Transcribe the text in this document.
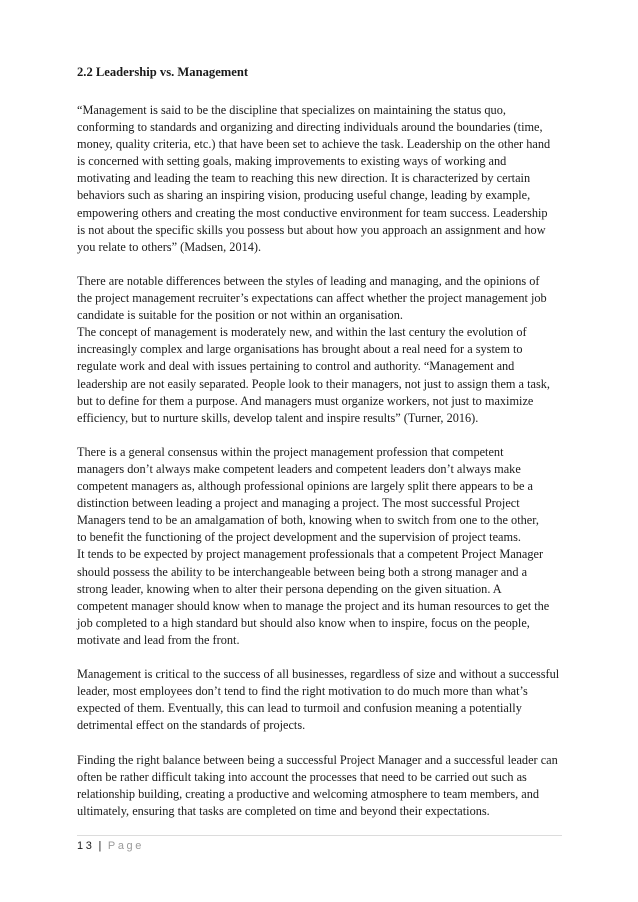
2.2 Leadership vs. Management

“Management is said to be the discipline that specializes on maintaining the status quo,
conforming to standards and organizing and directing individuals around the boundaries (time,
money, quality criteria, etc.) that have been set to achieve the task. Leadership on the other hand
is concerned with setting goals, making improvements to existing ways of working and
motivating and leading the team to reaching this new direction. It is characterized by certain
behaviors such as sharing an inspiring vision, producing useful change, leading by example,
empowering others and creating the most conductive environment for team success. Leadership
is not about the specific skills you possess but about how you approach an assignment and how
you relate to others” (Madsen, 2014).

There are notable differences between the styles of leading and managing, and the opinions of
the project management recruiter’s expectations can affect whether the project management job
candidate is suitable for the position or not within an organisation.

The concept of management is moderately new, and within the last century the evolution of
increasingly complex and large organisations has brought about a real need for a system to
regulate work and deal with issues pertaining to control and authority. “Management and
leadership are not easily separated. People look to their managers, not just to assign them a task,
but to define for them a purpose. And managers must organize workers, not just to maximize
efficiency, but to nurture skills, develop talent and inspire results” (Turner, 2016).

There is a general consensus within the project management profession that competent
managers don’t always make competent leaders and competent leaders don’t always make
competent managers as, although professional opinions are largely split there appears to be a
distinction between leading a project and managing a project. The most successful Project
Managers tend to be an amalgamation of both, knowing when to switch from one to the other,
to benefit the functioning of the project development and the supervision of project teams.

It tends to be expected by project management professionals that a competent Project Manager
should possess the ability to be interchangeable between being both a strong manager and a
strong leader, knowing when to alter their persona depending on the given situation. A
competent manager should know when to manage the project and its human resources to get the
job completed to a high standard but should also know when to inspire, focus on the people,
motivate and lead from the front.

Management is critical to the success of all businesses, regardless of size and without a successful
leader, most employees don’t tend to find the right motivation to do much more than what’s
expected of them. Eventually, this can lead to turmoil and confusion meaning a potentially
detrimental effect on the standards of projects.

Finding the right balance between being a successful Project Manager and a successful leader can
often be rather difficult taking into account the processes that need to be carried out such as
relationship building, creating a productive and welcoming atmosphere to team members, and
ultimately, ensuring that tasks are completed on time and beyond their expectations.

13 | Page
